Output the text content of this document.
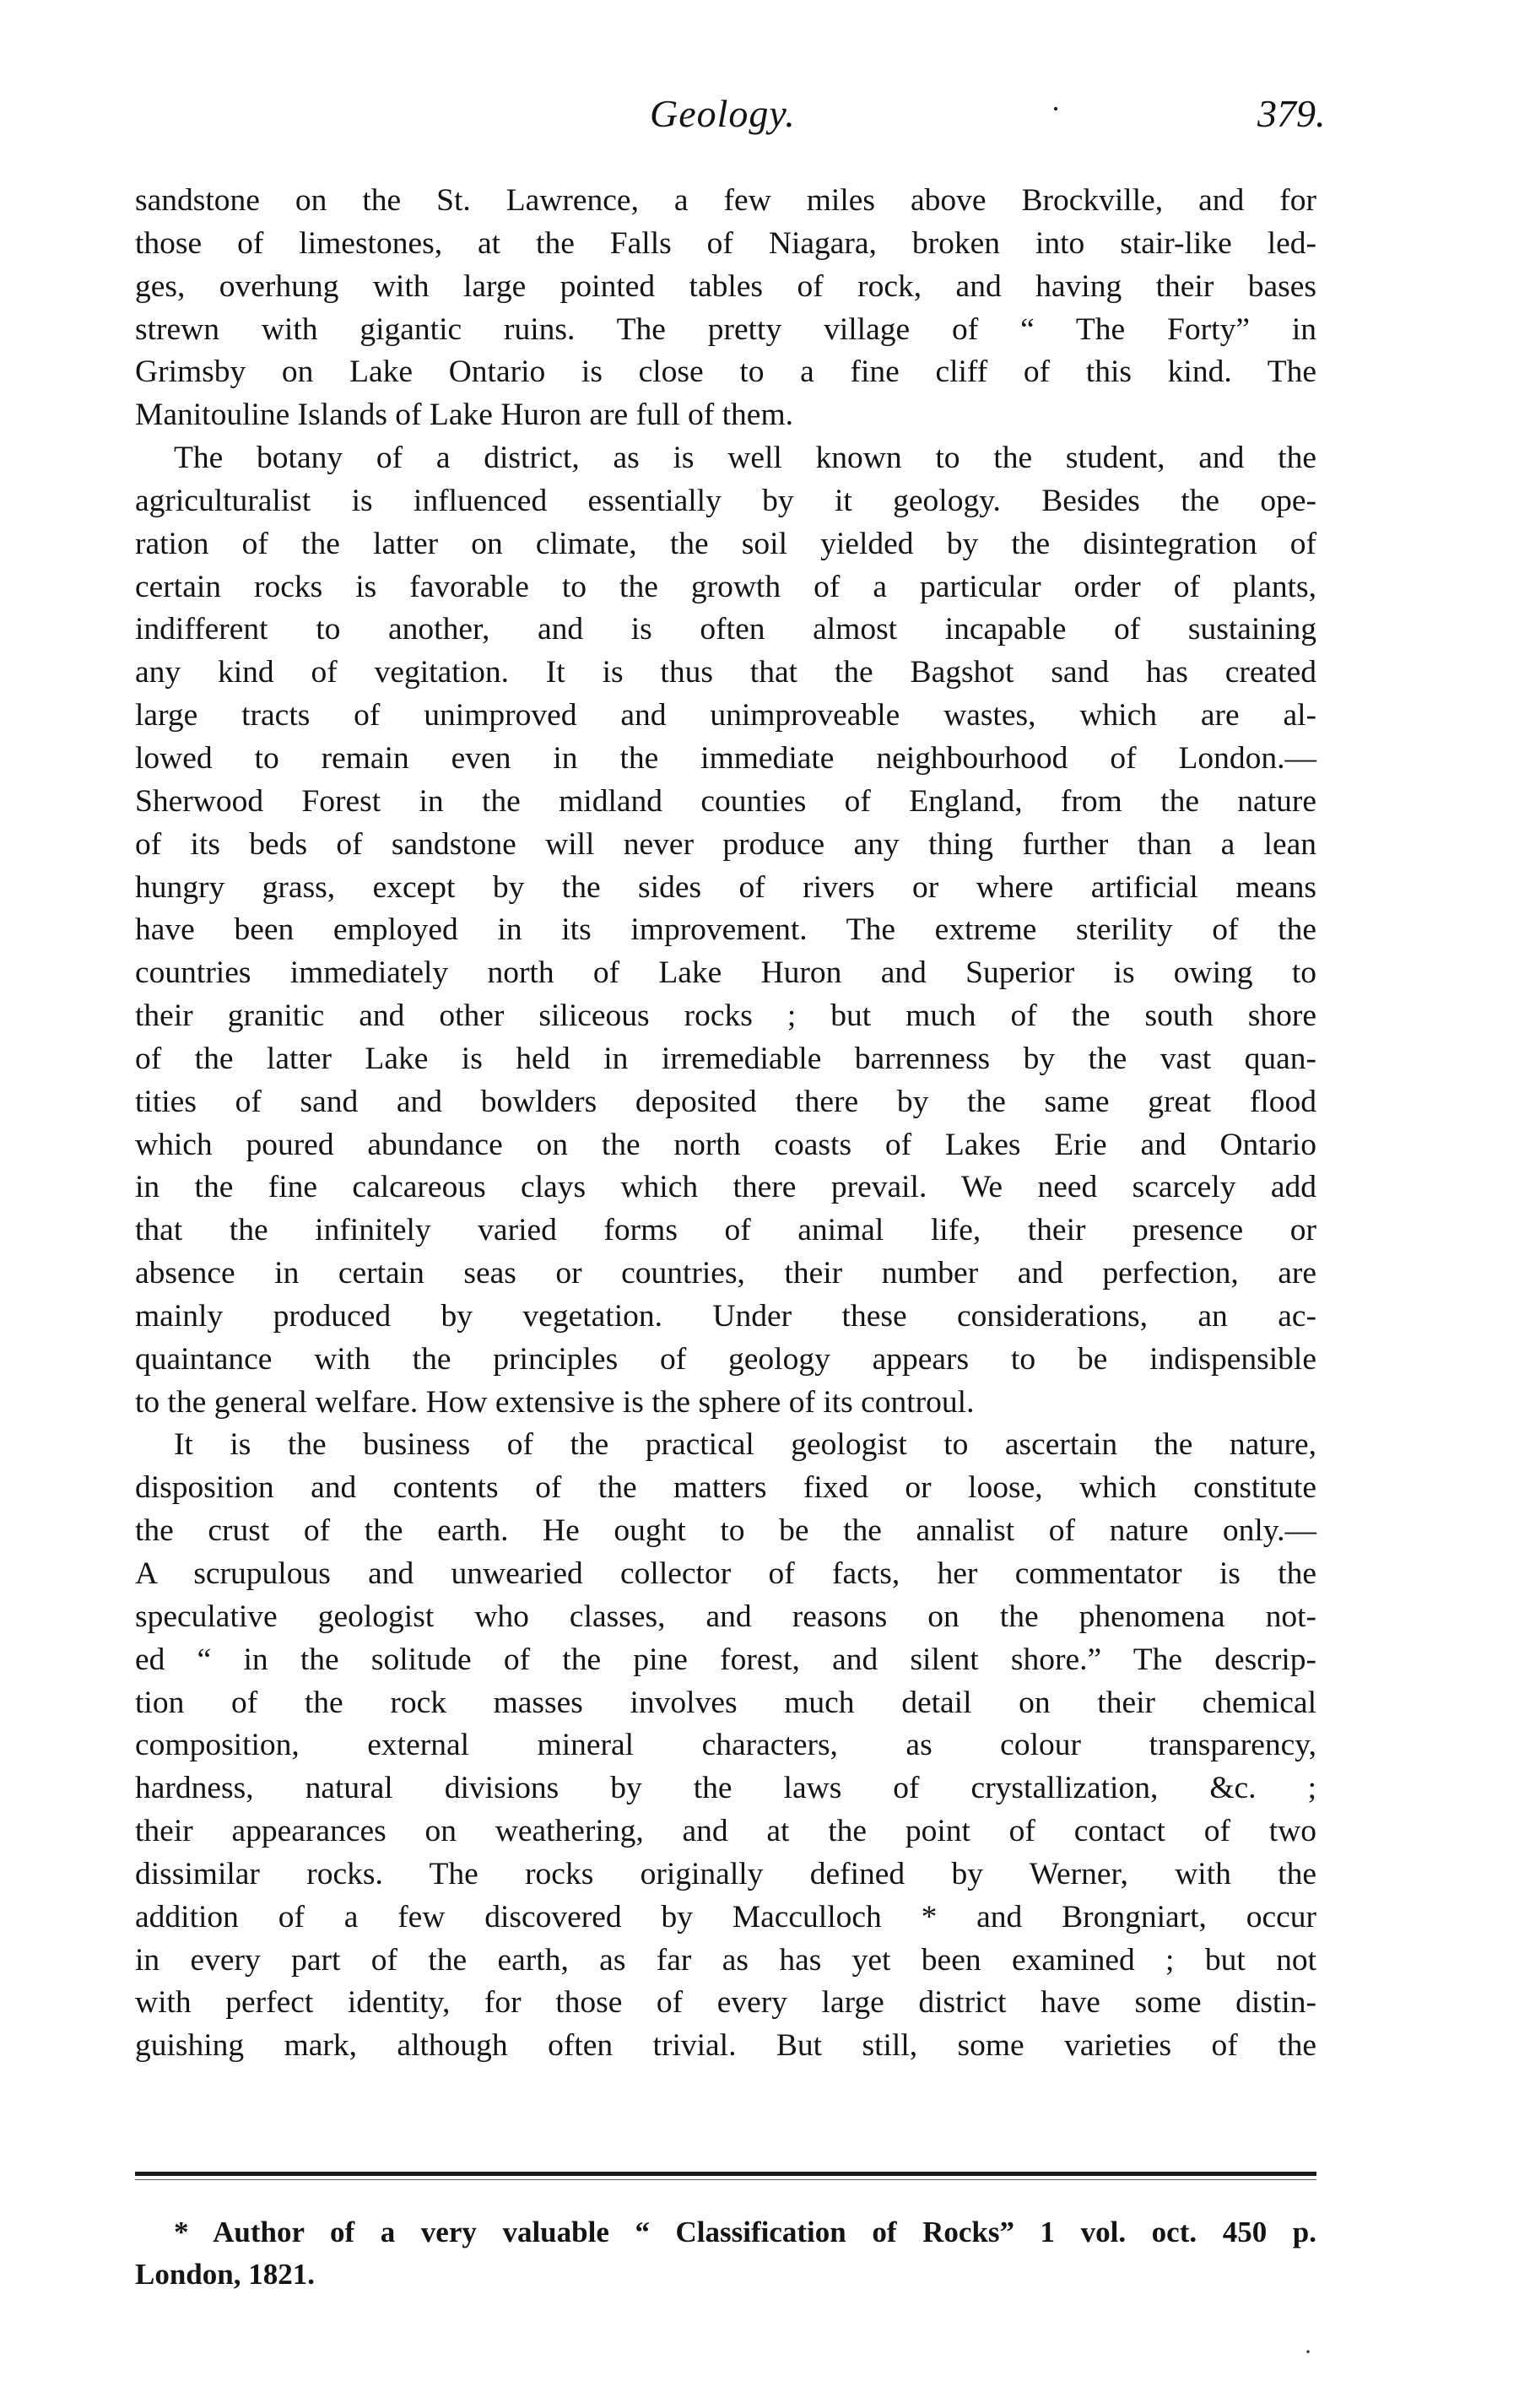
Geology.	·	379.
sandstone on the St. Lawrence, a few miles above Brockville, and for
those of limestones, at the Falls of Niagara, broken into stair-like led-
ges, overhung with large pointed tables of rock, and having their bases
strewn with gigantic ruins. The pretty village of “ The Forty” in
Grimsby on Lake Ontario is close to a fine cliff of this kind. The
Manitouline Islands of Lake Huron are full of them.
The botany of a district, as is well known to the student, and the
agriculturalist is influenced essentially by it geology. Besides the ope-
ration of the latter on climate, the soil yielded by the disintegration of
certain rocks is favorable to the growth of a particular order of plants,
indifferent to another, and is often almost incapable of sustaining
any kind of vegitation. It is thus that the Bagshot sand has created
large tracts of unimproved and unimproveable wastes, which are al-
lowed to remain even in the immediate neighbourhood of London.—
Sherwood Forest in the midland counties of England, from the nature
of its beds of sandstone will never produce any thing further than a lean
hungry grass, except by the sides of rivers or where artificial means
have been employed in its improvement. The extreme sterility of the
countries immediately north of Lake Huron and Superior is owing to
their granitic and other siliceous rocks ; but much of the south shore
of the latter Lake is held in irremediable barrenness by the vast quan-
tities of sand and bowlders deposited there by the same great flood
which poured abundance on the north coasts of Lakes Erie and Ontario
in the fine calcareous clays which there prevail. We need scarcely add
that the infinitely varied forms of animal life, their presence or
absence in certain seas or countries, their number and perfection, are
mainly produced by vegetation. Under these considerations, an ac-
quaintance with the principles of geology appears to be indispensible
to the general welfare. How extensive is the sphere of its controul.
It is the business of the practical geologist to ascertain the nature,
disposition and contents of the matters fixed or loose, which constitute
the crust of the earth. He ought to be the annalist of nature only.—
A scrupulous and unwearied collector of facts, her commentator is the
speculative geologist who classes, and reasons on the phenomena not-
ed “ in the solitude of the pine forest, and silent shore.” The descrip-
tion of the rock masses involves much detail on their chemical
composition, external mineral characters, as colour transparency,
hardness, natural divisions by the laws of crystallization, &c. ;
their appearances on weathering, and at the point of contact of two
dissimilar rocks. The rocks originally defined by Werner, with the
addition of a few discovered by Macculloch * and Brongniart, occur
in every part of the earth, as far as has yet been examined ; but not
with perfect identity, for those of every large district have some distin-
guishing mark, although often trivial. But still, some varieties of the
* Author of a very valuable “ Classification of Rocks” 1 vol. oct. 450 p.
London, 1821.
·
